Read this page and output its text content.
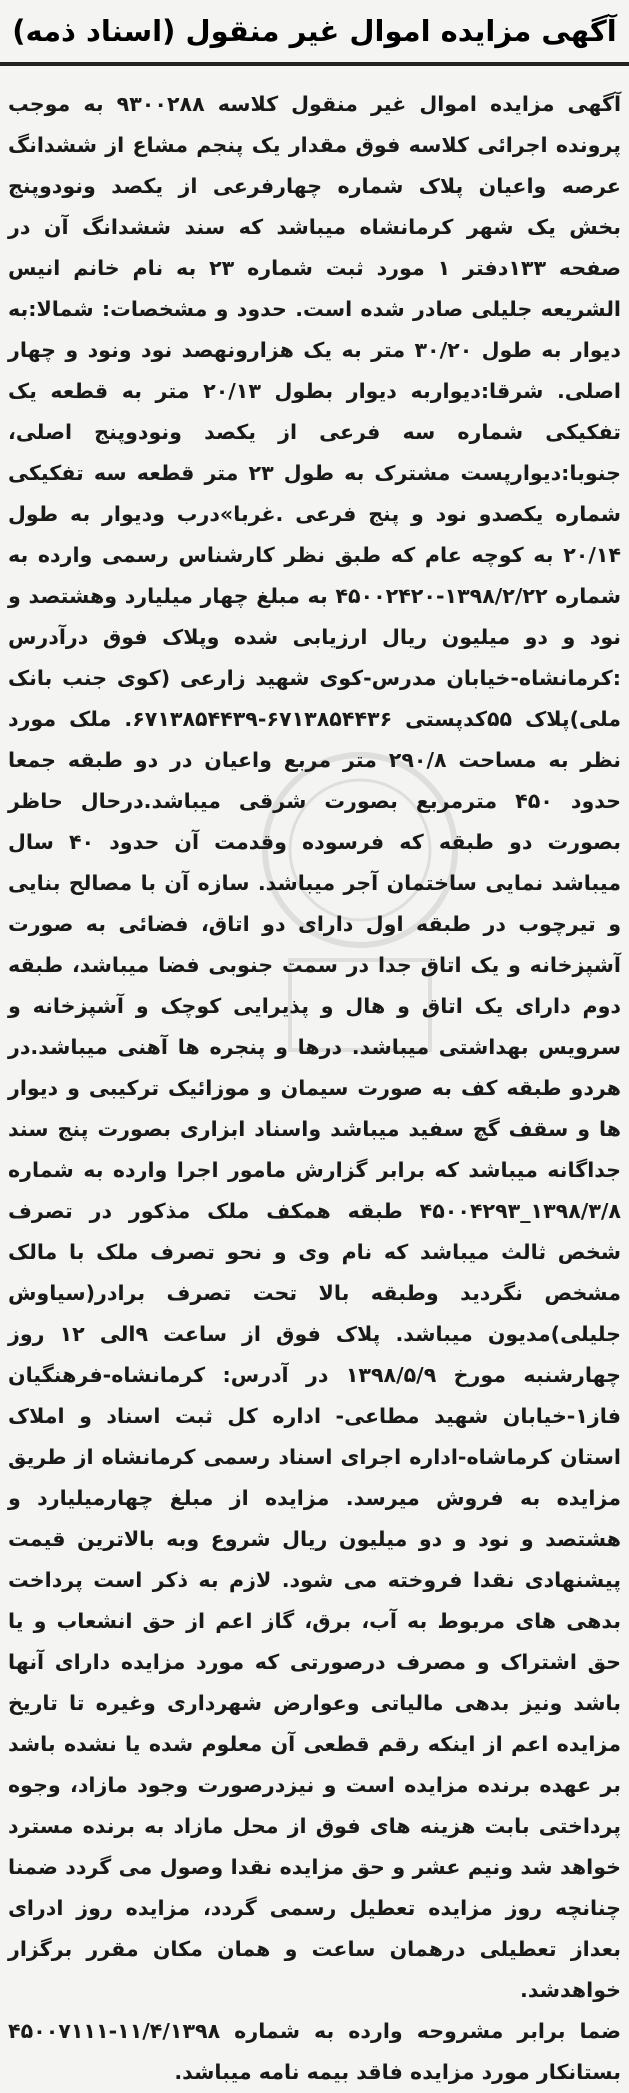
آگهی مزایده اموال غیر منقول (اسناد ذمه)

آگهی مزایده اموال غیر منقول کلاسه ۹۳۰۰۲۸۸ به موجب پرونده اجرائی کلاسه فوق مقدار یک پنجم مشاع از ششدانگ عرصه واعیان پلاک شماره چهارفرعی از یکصد ونودوپنج بخش یک شهر کرمانشاه میباشد که سند ششدانگ آن در صفحه ۱۳۳دفتر ۱ مورد ثبت شماره ۲۳ به نام خانم انیس الشریعه جلیلی صادر شده است. حدود و مشخصات: شمالا:به دیوار به طول ۳۰/۲۰ متر به یک هزارونهصد نود ونود و چهار اصلی. شرقا:دیواربه دیوار بطول ۲۰/۱۳ متر به قطعه یک تفکیکی شماره سه فرعی از یکصد ونودوپنج اصلی، جنوبا:دیوارپست مشترک به طول ۲۳ متر قطعه سه تفکیکی شماره یکصدو نود و پنج فرعی .غربا»درب ودیوار به طول ۲۰/۱۴ به کوچه عام که طبق نظر کارشناس رسمی وارده به شماره ۱۳۹۸/۲/۲۲-۴۵۰۰۲۴۲۰ به مبلغ چهار میلیارد وهشتصد و نود و دو میلیون ریال ارزیابی شده وپلاک فوق درآدرس :کرمانشاه-خیابان مدرس-کوی شهید زارعی (کوی جنب بانک ملی)پلاک ۵۵کدپستی ۶۷۱۳۸۵۴۴۳۶-۶۷۱۳۸۵۴۴۳۹. ملک مورد نظر به مساحت ۲۹۰/۸ متر مربع واعیان در دو طبقه جمعا حدود ۴۵۰ مترمربع بصورت شرقی میباشد.درحال حاظر بصورت دو طبقه که فرسوده وقدمت آن حدود ۴۰ سال میباشد نمایی ساختمان آجر میباشد. سازه آن با مصالح بنایی و تیرچوب در طبقه اول دارای دو اتاق، فضائی به صورت آشپزخانه و یک اتاق جدا در سمت جنوبی فضا میباشد، طبقه دوم دارای یک اتاق و هال و پذیرایی کوچک و آشپزخانه و سرویس بهداشتی میباشد. درها و پنجره ها آهنی میباشد.در هردو طبقه کف به صورت سیمان و موزائیک ترکیبی و دیوار ها و سقف گچ سفید میباشد واسناد ابزاری بصورت پنج سند جداگانه میباشد که برابر گزارش مامور اجرا وارده به شماره ۱۳۹۸/۳/۸_۴۵۰۰۴۲۹۳ طبقه همکف ملک مذکور در تصرف شخص ثالث میباشد که نام وی و نحو تصرف ملک با مالک مشخص نگردید وطبقه بالا تحت تصرف برادر(سیاوش جلیلی)مدیون میباشد. پلاک فوق از ساعت ۹الی ۱۲ روز چهارشنبه مورخ ۱۳۹۸/۵/۹ در آدرس: کرمانشاه-فرهنگیان فاز۱-خیابان شهید مطاعی- اداره کل ثبت اسناد و املاک استان کرماشاه-اداره اجرای اسناد رسمی کرمانشاه از طریق مزایده به فروش میرسد. مزایده از مبلغ چهارمیلیارد و هشتصد و نود و دو میلیون ریال شروع وبه بالاترین قیمت پیشنهادی نقدا فروخته می شود. لازم به ذکر است پرداخت بدهی های مربوط به آب، برق، گاز اعم از حق انشعاب و یا حق اشتراک و مصرف درصورتی که مورد مزایده دارای آنها باشد ونیز بدهی مالیاتی وعوارض شهرداری وغیره تا تاریخ مزایده اعم از اینکه رقم قطعی آن معلوم شده یا نشده باشد بر عهده برنده مزایده است و نیزدرصورت وجود مازاد، وجوه پرداختی بابت هزینه های فوق از محل مازاد به برنده مسترد خواهد شد ونیم عشر و حق مزایده نقدا وصول می گردد ضمنا چنانچه روز مزایده تعطیل رسمی گردد، مزایده روز ادرای بعداز تعطیلی درهمان ساعت و همان مکان مقرر برگزار خواهدشد.

ضما برابر مشروحه وارده به شماره ۱۱/۴/۱۳۹۸-۴۵۰۰۷۱۱۱ بستانکار مورد مزایده فاقد بیمه نامه میباشد.
